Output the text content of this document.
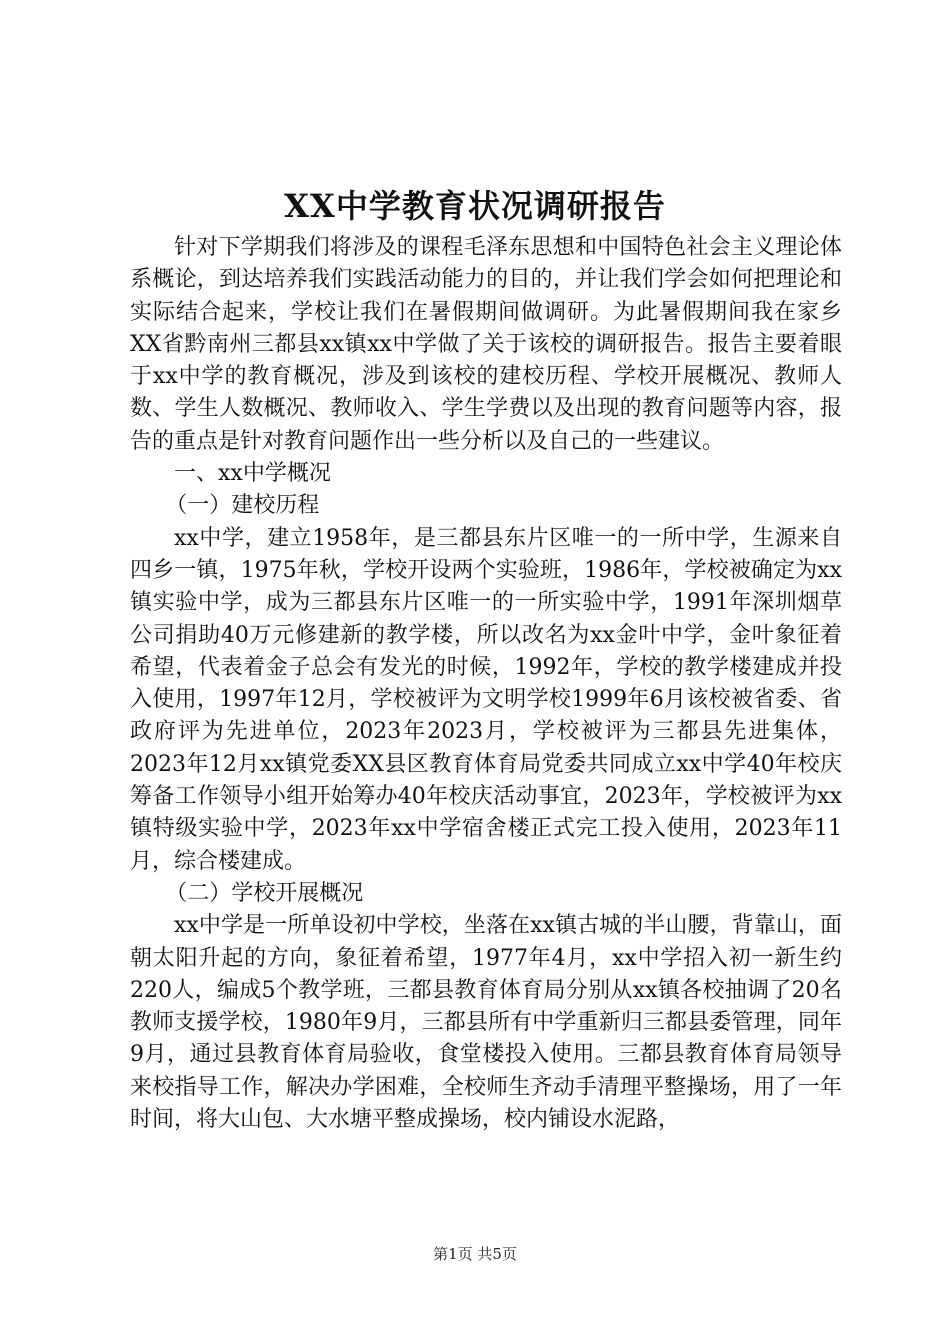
XX中学教育状况调研报告

针对下学期我们将涉及的课程毛泽东思想和中国特色社会主义理论体系概论，到达培养我们实践活动能力的目的，并让我们学会如何把理论和实际结合起来，学校让我们在暑假期间做调研。为此暑假期间我在家乡XX省黔南州三都县xx镇xx中学做了关于该校的调研报告。报告主要着眼于xx中学的教育概况，涉及到该校的建校历程、学校开展概况、教师人数、学生人数概况、教师收入、学生学费以及出现的教育问题等内容，报告的重点是针对教育问题作出一些分析以及自己的一些建议。

一、xx中学概况

（一）建校历程

xx中学，建立1958年，是三都县东片区唯一的一所中学，生源来自四乡一镇，1975年秋，学校开设两个实验班，1986年，学校被确定为xx镇实验中学，成为三都县东片区唯一的一所实验中学，1991年深圳烟草公司捐助40万元修建新的教学楼，所以改名为xx金叶中学，金叶象征着希望，代表着金子总会有发光的时候，1992年，学校的教学楼建成并投入使用，1997年12月，学校被评为文明学校1999年6月该校被省委、省政府评为先进单位，2023年2023月，学校被评为三都县先进集体，2023年12月xx镇党委XX县区教育体育局党委共同成立xx中学40年校庆筹备工作领导小组开始筹办40年校庆活动事宜，2023年，学校被评为xx镇特级实验中学，2023年xx中学宿舍楼正式完工投入使用，2023年11月，综合楼建成。

（二）学校开展概况

xx中学是一所单设初中学校，坐落在xx镇古城的半山腰，背靠山，面朝太阳升起的方向，象征着希望，1977年4月，xx中学招入初一新生约220人，编成5个教学班，三都县教育体育局分别从xx镇各校抽调了20名教师支援学校，1980年9月，三都县所有中学重新归三都县委管理，同年9月，通过县教育体育局验收，食堂楼投入使用。三都县教育体育局领导来校指导工作，解决办学困难，全校师生齐动手清理平整操场，用了一年时间，将大山包、大水塘平整成操场，校内铺设水泥路，

第1页 共5页
